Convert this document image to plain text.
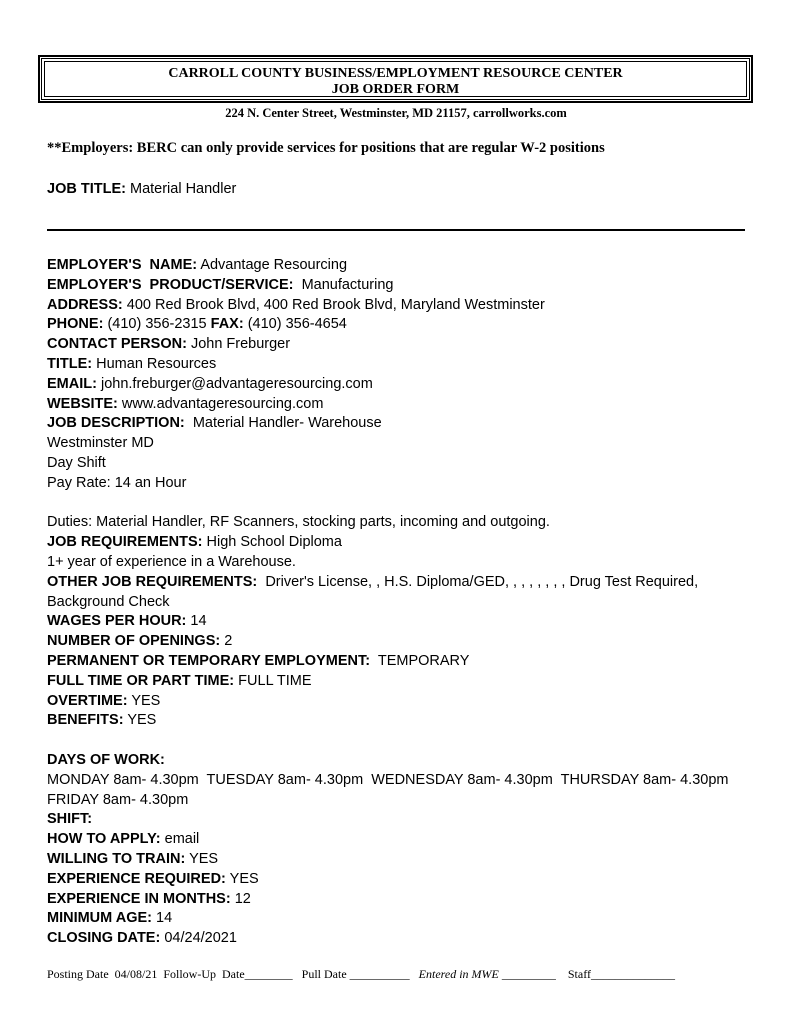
CARROLL COUNTY BUSINESS/EMPLOYMENT RESOURCE CENTER
JOB ORDER FORM
224 N. Center Street, Westminster, MD 21157, carrollworks.com
**Employers: BERC can only provide services for positions that are regular W-2 positions
JOB TITLE: Material Handler
EMPLOYER'S  NAME: Advantage Resourcing
EMPLOYER'S  PRODUCT/SERVICE: Manufacturing
ADDRESS: 400 Red Brook Blvd, 400 Red Brook Blvd, Maryland Westminster
PHONE: (410) 356-2315 FAX: (410) 356-4654
CONTACT PERSON: John Freburger
TITLE: Human Resources
EMAIL: john.freburger@advantageresourcing.com
WEBSITE: www.advantageresourcing.com
JOB DESCRIPTION: Material Handler- Warehouse
Westminster MD
Day Shift
Pay Rate: 14 an Hour
Duties: Material Handler, RF Scanners, stocking parts, incoming and outgoing.
JOB REQUIREMENTS: High School Diploma
1+ year of experience in a Warehouse.
OTHER JOB REQUIREMENTS: Driver's License, , H.S. Diploma/GED, , , , , , , , Drug Test Required,
Background Check
WAGES PER HOUR: 14
NUMBER OF OPENINGS: 2
PERMANENT OR TEMPORARY EMPLOYMENT: TEMPORARY
FULL TIME OR PART TIME: FULL TIME
OVERTIME: YES
BENEFITS: YES
DAYS OF WORK:
MONDAY 8am- 4.30pm  TUESDAY 8am- 4.30pm  WEDNESDAY 8am- 4.30pm  THURSDAY 8am- 4.30pm
FRIDAY 8am- 4.30pm
SHIFT:
HOW TO APPLY: email
WILLING TO TRAIN: YES
EXPERIENCE REQUIRED: YES
EXPERIENCE IN MONTHS: 12
MINIMUM AGE: 14
CLOSING DATE: 04/24/2021
Posting Date 04/08/21 Follow-Up  Date________ Pull Date __________ Entered in MWE _________ Staff______________
